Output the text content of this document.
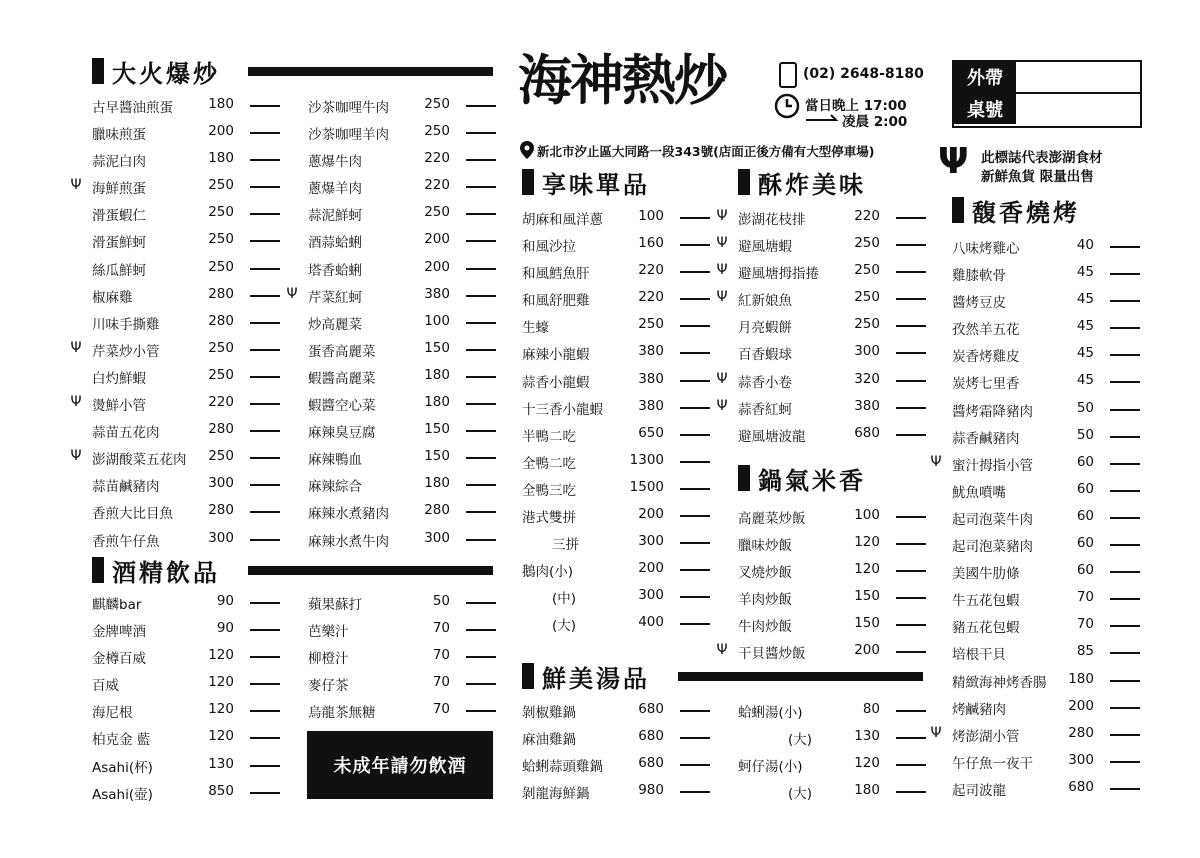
海神熱炒	(02) 2648-8180
當日晚上 17:00
凌晨 2:00
新北市汐止區大同路一段343號(店面正後方備有大型停車場)
外帶
桌號
Ψ 此標誌代表澎湖食材
新鮮魚貨 限量出售
大火爆炒
酒精飲品
享味單品	酥炸美味
鍋氣米香
鮮美湯品
馥香燒烤
古早醬油煎蛋	180
臘味煎蛋	200
蒜泥白肉	180
Ψ 海鮮煎蛋	250
滑蛋蝦仁	250
滑蛋鮮蚵	250
絲瓜鮮蚵	250
椒麻雞	280
川味手撕雞	280
Ψ 芹菜炒小管	250
白灼鮮蝦	250
Ψ 燙鮮小管	220
蒜苗五花肉	280
Ψ 澎湖酸菜五花肉	250
蒜苗鹹豬肉	300
香煎大比目魚	280
香煎午仔魚	300
沙茶咖哩牛肉	250
沙茶咖哩羊肉	250
蔥爆牛肉	220
蔥爆羊肉	220
蒜泥鮮蚵	250
酒蒜蛤蜊	200
塔香蛤蜊	200
Ψ 芹菜紅蚵	380
炒高麗菜	100
蛋香高麗菜	150
蝦醬高麗菜	180
蝦醬空心菜	180
麻辣臭豆腐	150
麻辣鴨血	150
麻辣綜合	180
麻辣水煮豬肉	280
麻辣水煮牛肉	300
麒麟bar	90
金牌啤酒	90
金樽百威	120
百威	120
海尼根	120
柏克金 藍	120
Asahi(杯)	130
Asahi(壺)	850
蘋果蘇打	50
芭樂汁	70
柳橙汁	70
麥仔茶	70
烏龍茶無糖	70
胡麻和風洋蔥	100
和風沙拉	160
和風鱈魚肝	220
和風舒肥雞	220
生蠔	250
麻辣小龍蝦	380
蒜香小龍蝦	380
十三香小龍蝦	380
半鴨二吃	650
全鴨二吃	1300
全鴨三吃	1500
港式雙拼	200
三拼	300
鵝肉(小)	200
(中)	300
(大)	400
Ψ 澎湖花枝排	220
Ψ 避風塘蝦	250
Ψ 避風塘拇指捲	250
Ψ 紅新娘魚	250
月亮蝦餅	250
百香蝦球	300
Ψ 蒜香小卷	320
Ψ 蒜香紅蚵	380
避風塘波龍	680
高麗菜炒飯	100
臘味炒飯	120
叉燒炒飯	120
羊肉炒飯	150
牛肉炒飯	150
Ψ 干貝醬炒飯	200
剝椒雞鍋	680
麻油雞鍋	680
蛤蜊蒜頭雞鍋	680
剝龍海鮮鍋	980
蛤蜊湯(小)	80
(大)	130
蚵仔湯(小)	120
(大)	180
八味烤雞心	40
雞膝軟骨	45
醬烤豆皮	45
孜然羊五花	45
炭香烤雞皮	45
炭烤七里香	45
醬烤霜降豬肉	50
蒜香鹹豬肉	50
Ψ 蜜汁拇指小管	60
魷魚噴嘴	60
起司泡菜牛肉	60
起司泡菜豬肉	60
美國牛肋條	60
牛五花包蝦	70
豬五花包蝦	70
培根干貝	85
精緻海神烤香腸	180
烤鹹豬肉	200
Ψ 烤澎湖小管	280
午仔魚一夜干	300
起司波龍	680
未成年請勿飲酒
